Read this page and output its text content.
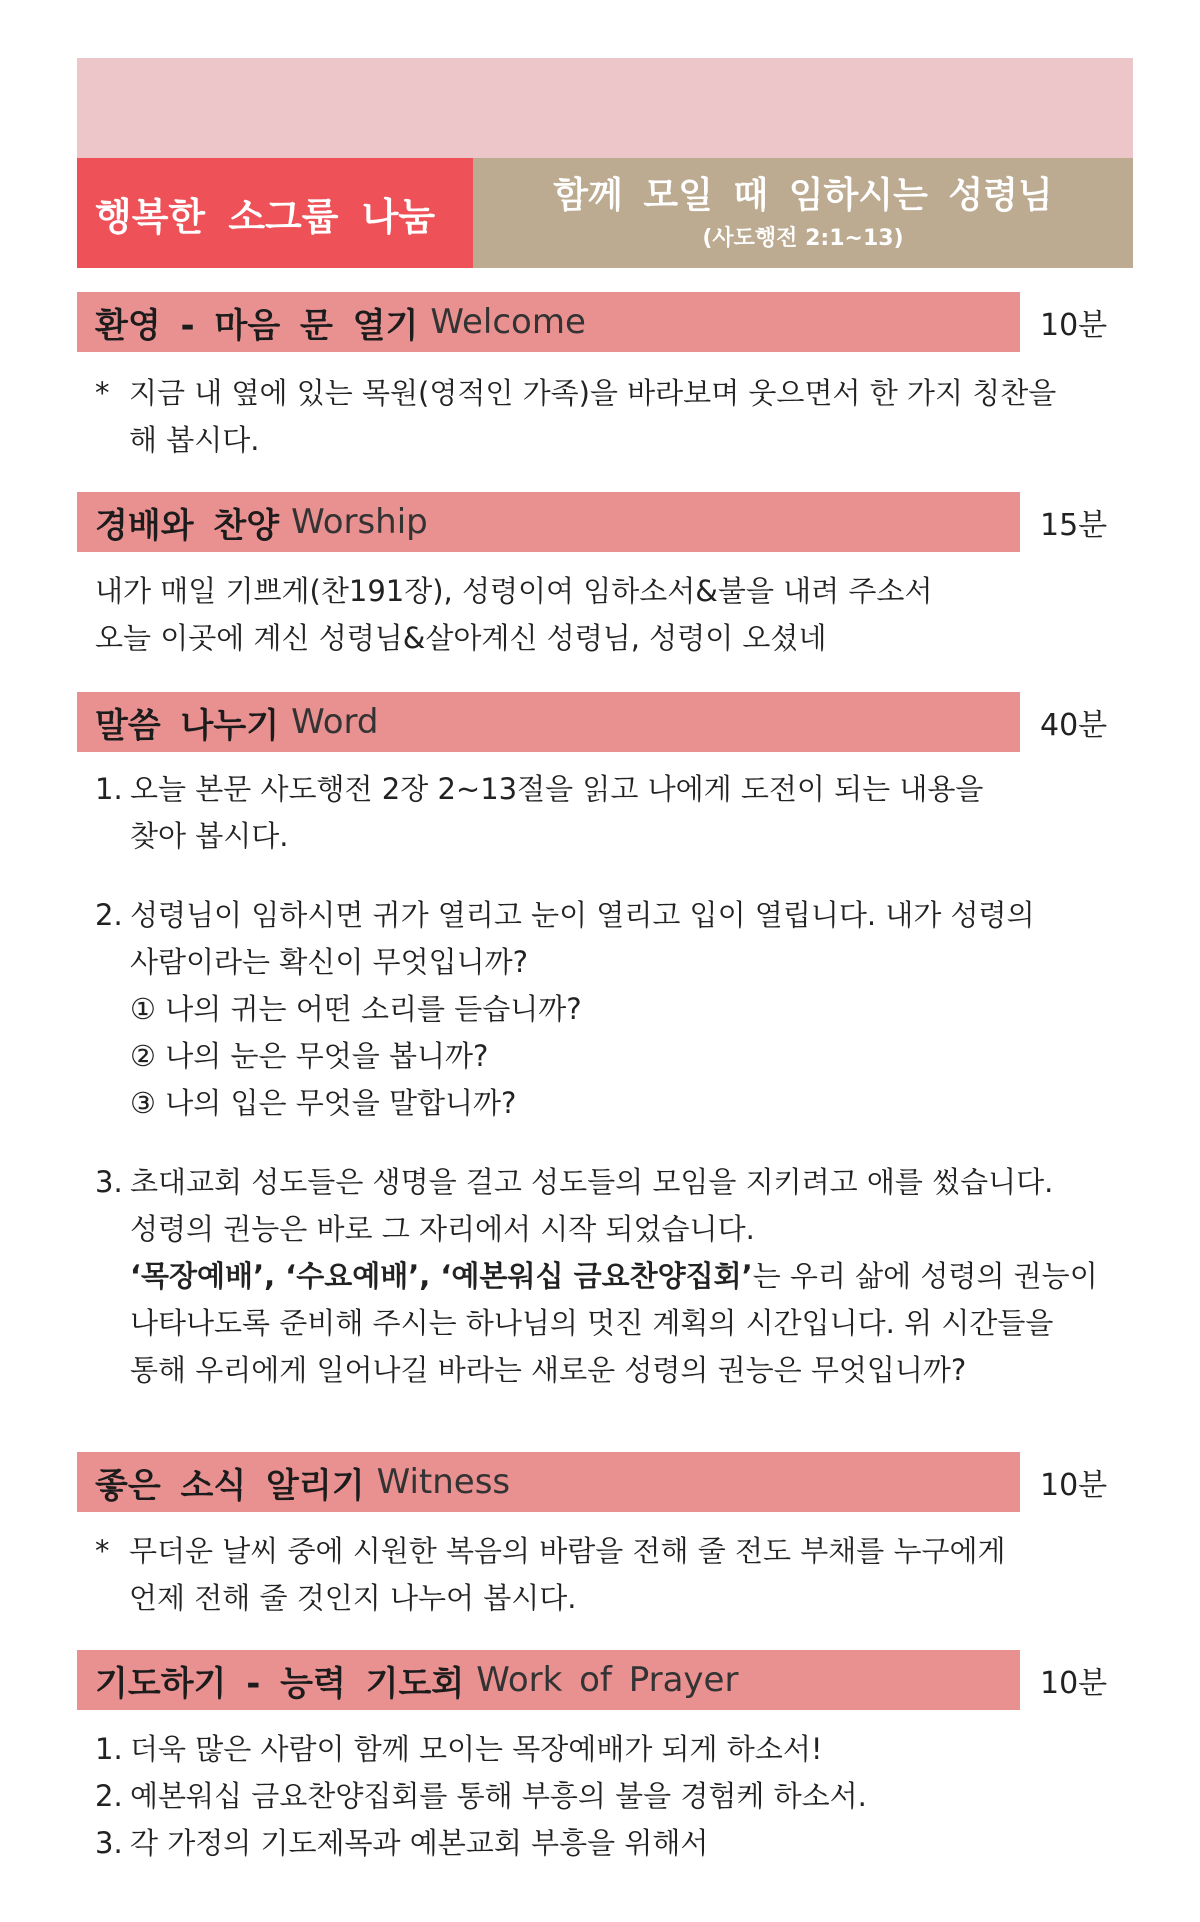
행복한 소그룹 나눔	함께 모일 때 임하시는 성령님
(사도행전 2:1~13)
환영 - 마음 문 열기 Welcome	10분
* 지금 내 옆에 있는 목원(영적인 가족)을 바라보며 웃으면서 한 가지 칭찬을
해 봅시다.
경배와 찬양 Worship	15분
내가 매일 기쁘게(찬191장), 성령이여 임하소서&불을 내려 주소서
오늘 이곳에 계신 성령님&살아계신 성령님, 성령이 오셨네
말씀 나누기 Word	40분
1. 오늘 본문 사도행전 2장 2~13절을 읽고 나에게 도전이 되는 내용을
찾아 봅시다.
2. 성령님이 임하시면 귀가 열리고 눈이 열리고 입이 열립니다. 내가 성령의
사람이라는 확신이 무엇입니까?
① 나의 귀는 어떤 소리를 듣습니까?
② 나의 눈은 무엇을 봅니까?
③ 나의 입은 무엇을 말합니까?
3. 초대교회 성도들은 생명을 걸고 성도들의 모임을 지키려고 애를 썼습니다.
성령의 권능은 바로 그 자리에서 시작 되었습니다.
‘목장예배’, ‘수요예배’, ‘예본워십 금요찬양집회’는 우리 삶에 성령의 권능이
나타나도록 준비해 주시는 하나님의 멋진 계획의 시간입니다. 위 시간들을
통해 우리에게 일어나길 바라는 새로운 성령의 권능은 무엇입니까?
좋은 소식 알리기 Witness	10분
* 무더운 날씨 중에 시원한 복음의 바람을 전해 줄 전도 부채를 누구에게
언제 전해 줄 것인지 나누어 봅시다.
기도하기 - 능력 기도회 Work of Prayer	10분
1. 더욱 많은 사람이 함께 모이는 목장예배가 되게 하소서!
2. 예본워십 금요찬양집회를 통해 부흥의 불을 경험케 하소서.
3. 각 가정의 기도제목과 예본교회 부흥을 위해서
